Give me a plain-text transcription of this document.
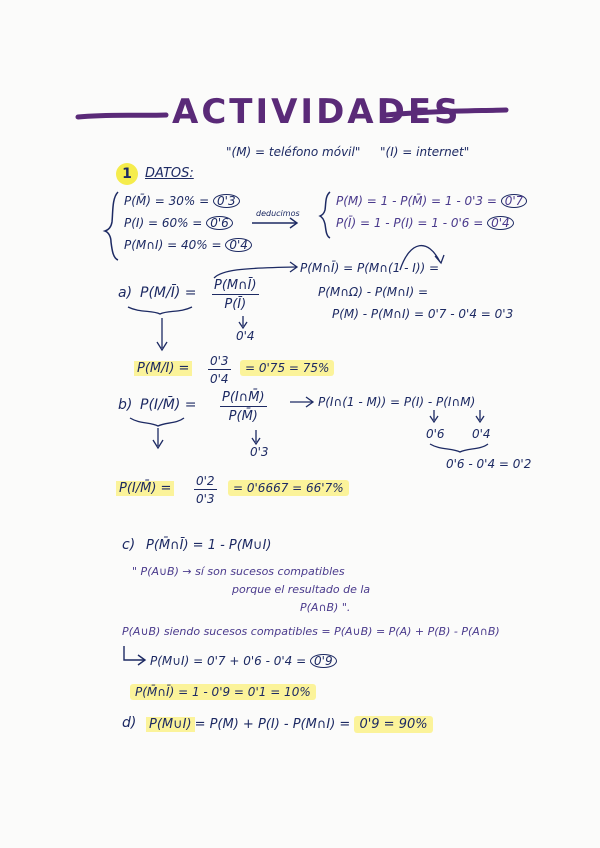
ACTIVIDADES
"(M) = teléfono móvil" "(I) = internet"
1	DATOS:
P(M̄) = 30% = 0'3
P(I) = 60% = 0'6
P(M∩I) = 40% = 0'4
deducimos
P(M) = 1 - P(M̄) = 1 - 0'3 = 0'7
P(Ī) = 1 - P(I) = 1 - 0'6 = 0'4
a) P(M/Ī) = $\frac{P(M\cap Ī)}{P(Ī)}$
0'4
P(M∩Ī) = P(M∩(1 - I)) =
P(M∩Ω) - P(M∩I) =
P(M) - P(M∩I) = 0'7 - 0'4 = 0'3
$P(M/I) = \frac{0'3}{0'4}$	= 0'75 = 75%
b) P(I/M̄) = $\frac{P(I\cap M̄)}{P(M̄)}$
0'3
P(I∩(1 - M)) = P(I) - P(I∩M)
0'6 0'4
0'6 - 0'4 = 0'2
P(I/M̄) = $\frac{0'2}{0'3}$	= 0'6667 = 66'7%
c) P(M̄∩Ī) = 1 - P(M∪I)
" P(A∪B) → sí son sucesos compatibles
porque el resultado de la
P(A∩B) ".
P(A∪B) siendo sucesos compatibles = P(A∪B) = P(A) + P(B) - P(A∩B)
P(M∪I) = 0'7 + 0'6 - 0'4 = 0'9
P(M̄∩Ī) = 1 - 0'9 = 0'1 = 10%
d) P(M∪I) = P(M) + P(I) - P(M∩I) = 0'9 = 90%
